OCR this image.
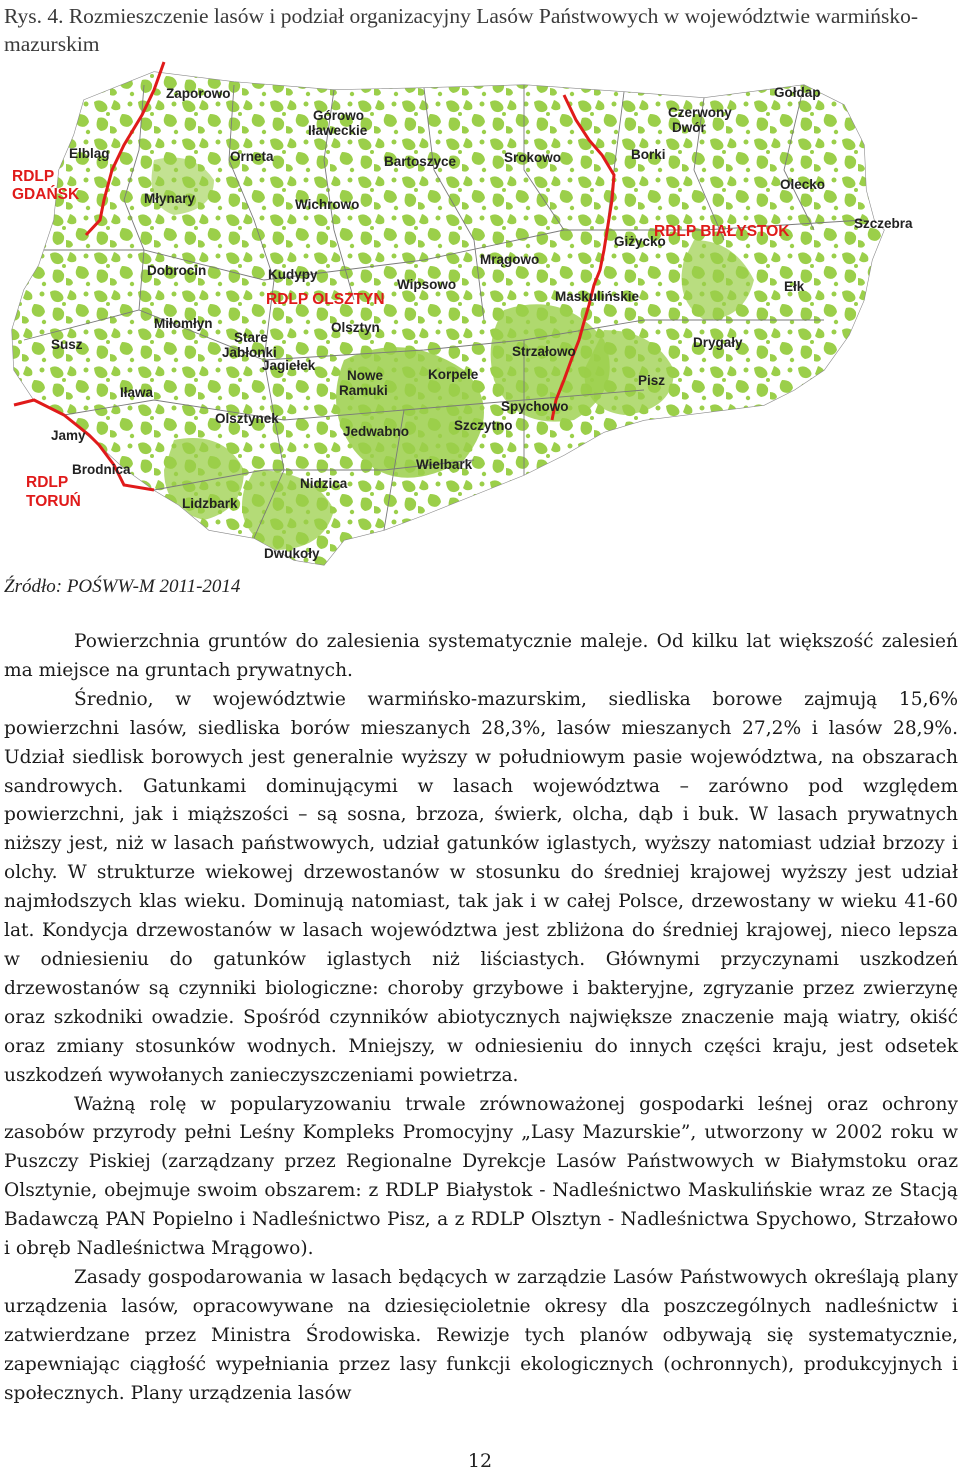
Rys. 4. Rozmieszczenie lasów i podział organizacyjny Lasów Państwowych w województwie warmińsko-mazurskim
RDLP
GDAŃSK
RDLP OLSZTYN
RDLP BIAŁYSTOK
RDLP
TORUŃ
Zaporowo
Górowo
Iławeckie
Elbląg	Orneta	Bartoszyce	Srokowo	Borki
Czerwony
Dwór
Gołdap
Olecko
Młynary	Wichrowo
Giżycko
Szczebra
Dobrocin	Kudypy
Wipsowo
Mrągowo
Maskulińskie
Ełk
Miłomłyn
Stare
Jabłonki
Olsztyn
Strzałowo
Drygały
Susz
Jagiełek
Nowe
Ramuki
Korpele	Pisz
Iława
Olsztynek
Spychowo
Jamy	Jedwabno	Szczytno
Brodnica	Wielbark
Nidzica
Lidzbark
Dwukoły
Źródło: POŚWW-M 2011-2014

Powierzchnia gruntów do zalesienia systematycznie maleje. Od kilku lat większość zalesień ma miejsce na gruntach prywatnych.

Średnio, w województwie warmińsko-mazurskim, siedliska borowe zajmują 15,6% powierzchni lasów, siedliska borów mieszanych 28,3%, lasów mieszanych 27,2% i lasów 28,9%. Udział siedlisk borowych jest generalnie wyższy w południowym pasie województwa, na obszarach sandrowych. Gatunkami dominującymi w lasach województwa – zarówno pod względem powierzchni, jak i miąższości – są sosna, brzoza, świerk, olcha, dąb i buk. W lasach prywatnych niższy jest, niż w lasach państwowych, udział gatunków iglastych, wyższy natomiast udział brzozy i olchy. W strukturze wiekowej drzewostanów w stosunku do średniej krajowej wyższy jest udział najmłodszych klas wieku. Dominują natomiast, tak jak i w całej Polsce, drzewostany w wieku 41-60 lat. Kondycja drzewostanów w lasach województwa jest zbliżona do średniej krajowej, nieco lepsza w odniesieniu do gatunków iglastych niż liściastych. Głównymi przyczynami uszkodzeń drzewostanów są czynniki biologiczne: choroby grzybowe i bakteryjne, zgryzanie przez zwierzynę oraz szkodniki owadzie. Spośród czynników abiotycznych największe znaczenie mają wiatry, okiść oraz zmiany stosunków wodnych. Mniejszy, w odniesieniu do innych części kraju, jest odsetek uszkodzeń wywołanych zanieczyszczeniami powietrza.

Ważną rolę w popularyzowaniu trwale zrównoważonej gospodarki leśnej oraz ochrony zasobów przyrody pełni Leśny Kompleks Promocyjny „Lasy Mazurskie”, utworzony w 2002 roku w Puszczy Piskiej (zarządzany przez Regionalne Dyrekcje Lasów Państwowych w Białymstoku oraz Olsztynie, obejmuje swoim obszarem: z RDLP Białystok - Nadleśnictwo Maskulińskie wraz ze Stacją Badawczą PAN Popielno i Nadleśnictwo Pisz, a z RDLP Olsztyn - Nadleśnictwa Spychowo, Strzałowo i obręb Nadleśnictwa Mrągowo).

Zasady gospodarowania w lasach będących w zarządzie Lasów Państwowych określają plany urządzenia lasów, opracowywane na dziesięcioletnie okresy dla poszczególnych nadleśnictw i zatwierdzane przez Ministra Środowiska. Rewizje tych planów odbywają się systematycznie, zapewniając ciągłość wypełniania przez lasy funkcji ekologicznych (ochronnych), produkcyjnych i społecznych. Plany urządzenia lasów

12
